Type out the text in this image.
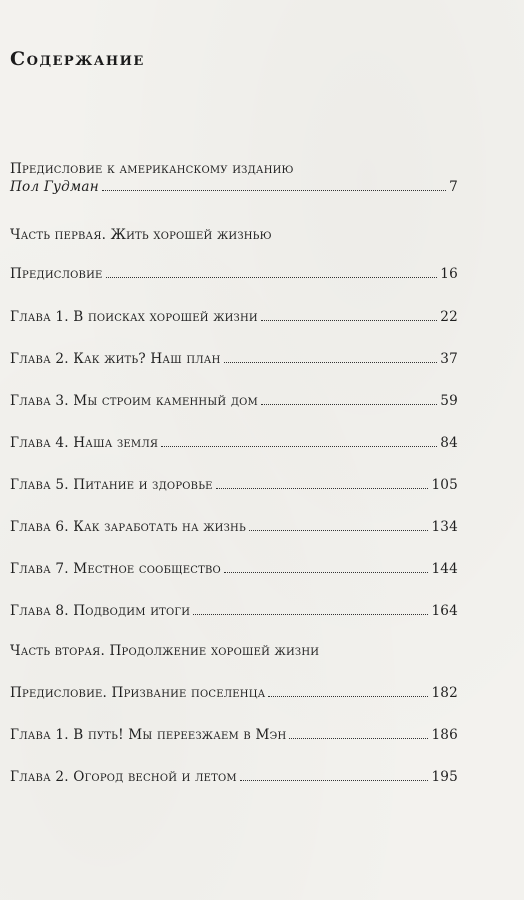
Содержание
Предисловие к американскому изданию
Пол Гудман	7
Часть первая. Жить хорошей жизнью
Предисловие	16
Глава 1. В поисках хорошей жизни	22
Глава 2. Как жить? Наш план	37
Глава 3. Мы строим каменный дом	59
Глава 4. Наша земля	84
Глава 5. Питание и здоровье	105
Глава 6. Как заработать на жизнь	134
Глава 7. Местное сообщество	144
Глава 8. Подводим итоги	164
Часть вторая. Продолжение хорошей жизни
Предисловие. Призвание поселенца	182
Глава 1. В путь! Мы переезжаем в Мэн	186
Глава 2. Огород весной и летом	195
